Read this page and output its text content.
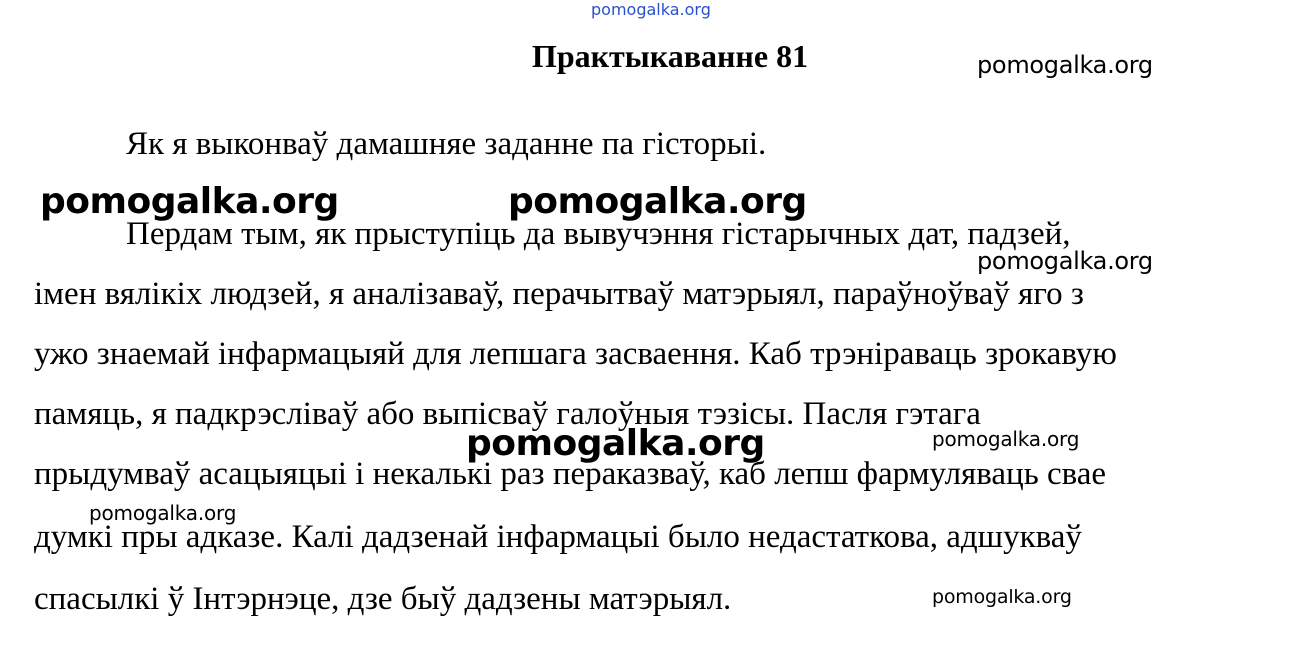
pomogalka.org
Практыкаванне 81
Як я выконваў дамашняе заданне па гісторыі.
Пердам тым, як прыступіць да вывучэння гістарычных дат, падзей,
імен вялікіх людзей, я аналізаваў, перачытваў матэрыял, параўноўваў яго з
ужо знаемай інфармацыяй для лепшага засваення. Каб трэніраваць зрокавую
памяць, я падкрэсліваў або выпісваў галоўныя тэзісы. Пасля гэтага
прыдумваў асацыяцыі і некалькі раз пераказваў, каб лепш фармуляваць свае
думкі пры адказе. Калі дадзенай інфармацыі было недастаткова, адшукваў
спасылкі ў Інтэрнэце, дзе быў дадзены матэрыял.
pomogalka.org
pomogalka.org	pomogalka.org
pomogalka.org
pomogalka.org	pomogalka.org
pomogalka.org
pomogalka.org
